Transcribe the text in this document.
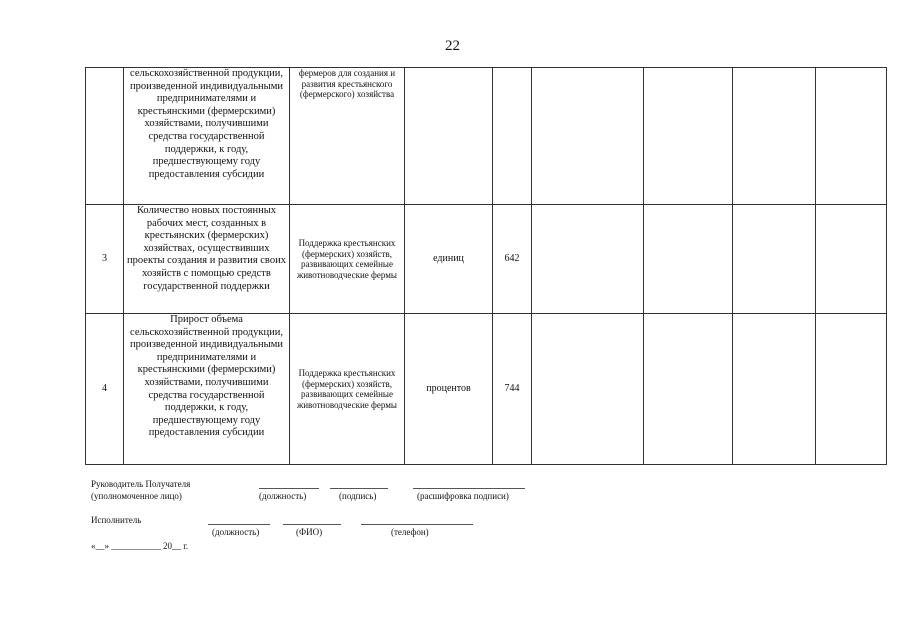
22
	сельскохозяйственной продукции, произведенной индивидуальными предпринимателями и крестьянскими (фермерскими) хозяйствами, получившими средства государственной поддержки, к году, предшествующему году предоставления субсидии	фермеров для создания и развития крестьянского (фермерского) хозяйства						
3	Количество новых постоянных рабочих мест, созданных в крестьянских (фермерских) хозяйствах, осуществивших проекты создания и развития своих хозяйств с помощью средств государственной поддержки	Поддержка крестьянских (фермерских) хозяйств, развивающих семейные животноводческие фермы	единиц	642				
4	Прирост объема сельскохозяйственной продукции, произведенной индивидуальными предпринимателями и крестьянскими (фермерскими) хозяйствами, получившими средства государственной поддержки, к году, предшествующему году предоставления субсидии	Поддержка крестьянских (фермерских) хозяйств, развивающих семейные животноводческие фермы	процентов	744				
Руководитель Получателя
(уполномоченное лицо)	(должность)	(подпись)	(расшифровка подписи)
Исполнитель
(должность)	(ФИО)	(телефон)
«__» ___________ 20__ г.
